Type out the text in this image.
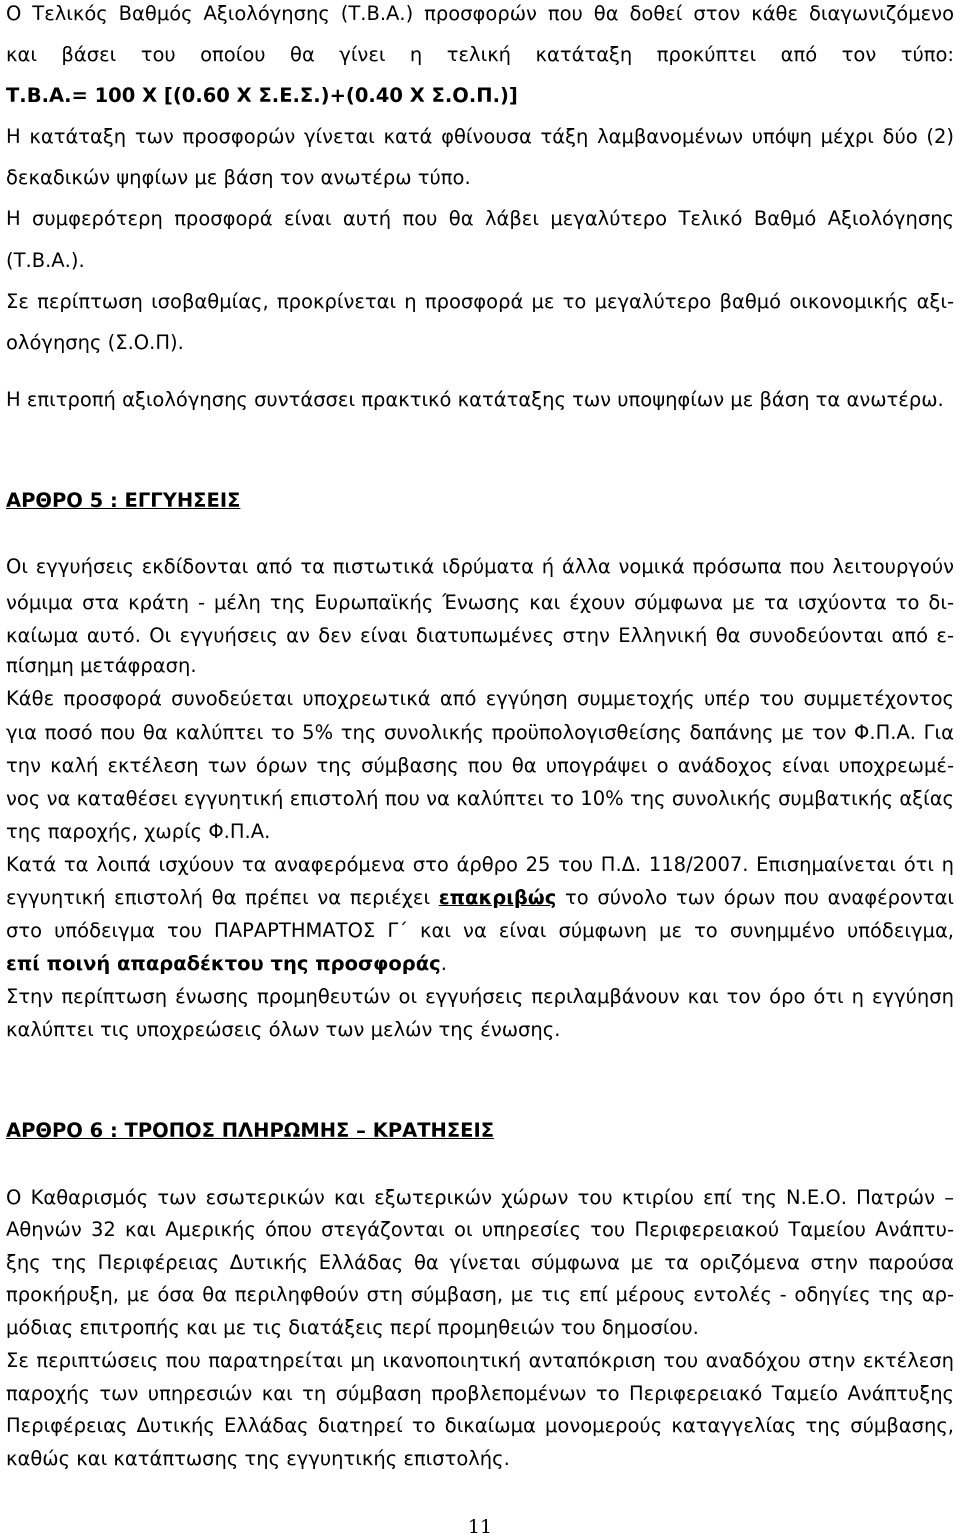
Ο Τελικός Βαθμός Αξιολόγησης (Τ.Β.Α.) προσφορών που θα δοθεί στον κάθε διαγωνιζόμενο
και βάσει του οποίου θα γίνει η τελική κατάταξη προκύπτει από τον τύπο:
Τ.Β.Α.= 100 Χ [(0.60 Χ Σ.Ε.Σ.)+(0.40 Χ Σ.Ο.Π.)]
Η κατάταξη των προσφορών γίνεται κατά φθίνουσα τάξη λαμβανομένων υπόψη μέχρι δύο (2)
δεκαδικών ψηφίων με βάση τον ανωτέρω τύπο.
Η συμφερότερη προσφορά είναι αυτή που θα λάβει μεγαλύτερο Τελικό Βαθμό Αξιολόγησης
(Τ.Β.Α.).
Σε περίπτωση ισοβαθμίας, προκρίνεται η προσφορά με το μεγαλύτερο βαθμό οικονομικής αξι-
ολόγησης (Σ.Ο.Π).
Η επιτροπή αξιολόγησης συντάσσει πρακτικό κατάταξης των υποψηφίων με βάση τα ανωτέρω.
ΑΡΘΡΟ 5 : ΕΓΓΥΗΣΕΙΣ
Οι εγγυήσεις εκδίδονται από τα πιστωτικά ιδρύματα ή άλλα νομικά πρόσωπα που λειτουργούν
νόμιμα στα κράτη - μέλη της Ευρωπαϊκής Ένωσης και έχουν σύμφωνα με τα ισχύοντα το δι-
καίωμα αυτό. Οι εγγυήσεις αν δεν είναι διατυπωμένες στην Ελληνική θα συνοδεύονται από ε-
πίσημη μετάφραση.
Κάθε προσφορά συνοδεύεται υποχρεωτικά από εγγύηση συμμετοχής υπέρ του συμμετέχοντος
για ποσό που θα καλύπτει το 5% της συνολικής προϋπολογισθείσης δαπάνης με τον Φ.Π.Α. Για
την καλή εκτέλεση των όρων της σύμβασης που θα υπογράψει ο ανάδοχος είναι υποχρεωμέ-
νος να καταθέσει εγγυητική επιστολή που να καλύπτει το 10% της συνολικής συμβατικής αξίας
της παροχής, χωρίς Φ.Π.Α.
Κατά τα λοιπά ισχύουν τα αναφερόμενα στο άρθρο 25 του Π.Δ. 118/2007. Επισημαίνεται ότι η
εγγυητική επιστολή θα πρέπει να περιέχει επακριβώς το σύνολο των όρων που αναφέρονται
στο υπόδειγμα του ΠΑΡΑΡΤΗΜΑΤΟΣ Γ΄ και να είναι σύμφωνη με το συνημμένο υπόδειγμα,
επί ποινή απαραδέκτου της προσφοράς.
Στην περίπτωση ένωσης προμηθευτών οι εγγυήσεις περιλαμβάνουν και τον όρο ότι η εγγύηση
καλύπτει τις υποχρεώσεις όλων των μελών της ένωσης.
ΑΡΘΡΟ 6 : ΤΡΟΠΟΣ ΠΛΗΡΩΜΗΣ – ΚΡΑΤΗΣΕΙΣ
Ο Καθαρισμός των εσωτερικών και εξωτερικών χώρων του κτιρίου επί της Ν.Ε.Ο. Πατρών –
Αθηνών 32 και Αμερικής όπου στεγάζονται οι υπηρεσίες του Περιφερειακού Ταμείου Ανάπτυ-
ξης της Περιφέρειας Δυτικής Ελλάδας θα γίνεται σύμφωνα με τα οριζόμενα στην παρούσα
προκήρυξη, με όσα θα περιληφθούν στη σύμβαση, με τις επί μέρους εντολές - οδηγίες της αρ-
μόδιας επιτροπής και με τις διατάξεις περί προμηθειών του δημοσίου.
Σε περιπτώσεις που παρατηρείται μη ικανοποιητική ανταπόκριση του αναδόχου στην εκτέλεση
παροχής των υπηρεσιών και τη σύμβαση προβλεπομένων το Περιφερειακό Ταμείο Ανάπτυξης
Περιφέρειας Δυτικής Ελλάδας διατηρεί το δικαίωμα μονομερούς καταγγελίας της σύμβασης,
καθώς και κατάπτωσης της εγγυητικής επιστολής.
11
